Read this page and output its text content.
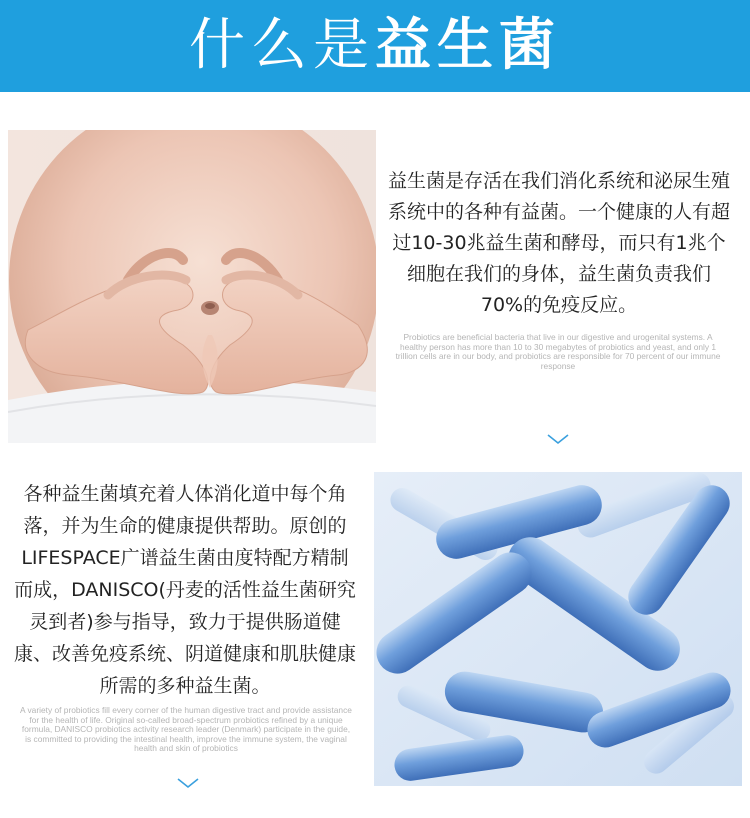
什么是益生菌
益生菌是存活在我们消化系统和泌尿生殖系统中的各种有益菌。一个健康的人有超过10-30兆益生菌和酵母，而只有1兆个细胞在我们的身体，益生菌负责我们70%的免疫反应。
Probiotics are beneficial bacteria that live in our digestive and urogenital systems. A healthy person has more than 10 to 30 megabytes of probiotics and yeast, and only 1 trillion cells are in our body, and probiotics are responsible for 70 percent of our immune response
各种益生菌填充着人体消化道中每个角落，并为生命的健康提供帮助。原创的LIFESPACE广谱益生菌由度特配方精制而成，DANISCO(丹麦的活性益生菌研究灵到者)参与指导，致力于提供肠道健康、改善免疫系统、阴道健康和肌肤健康所需的多种益生菌。
A variety of probiotics fill every corner of the human digestive tract and provide assistance for the health of life. Original so-called broad-spectrum probiotics refined by a unique formula, DANISCO probiotics activity research leader (Denmark) participate in the guide, is committed to providing the intestinal health, improve the immune system, the vaginal health and skin of probiotics
